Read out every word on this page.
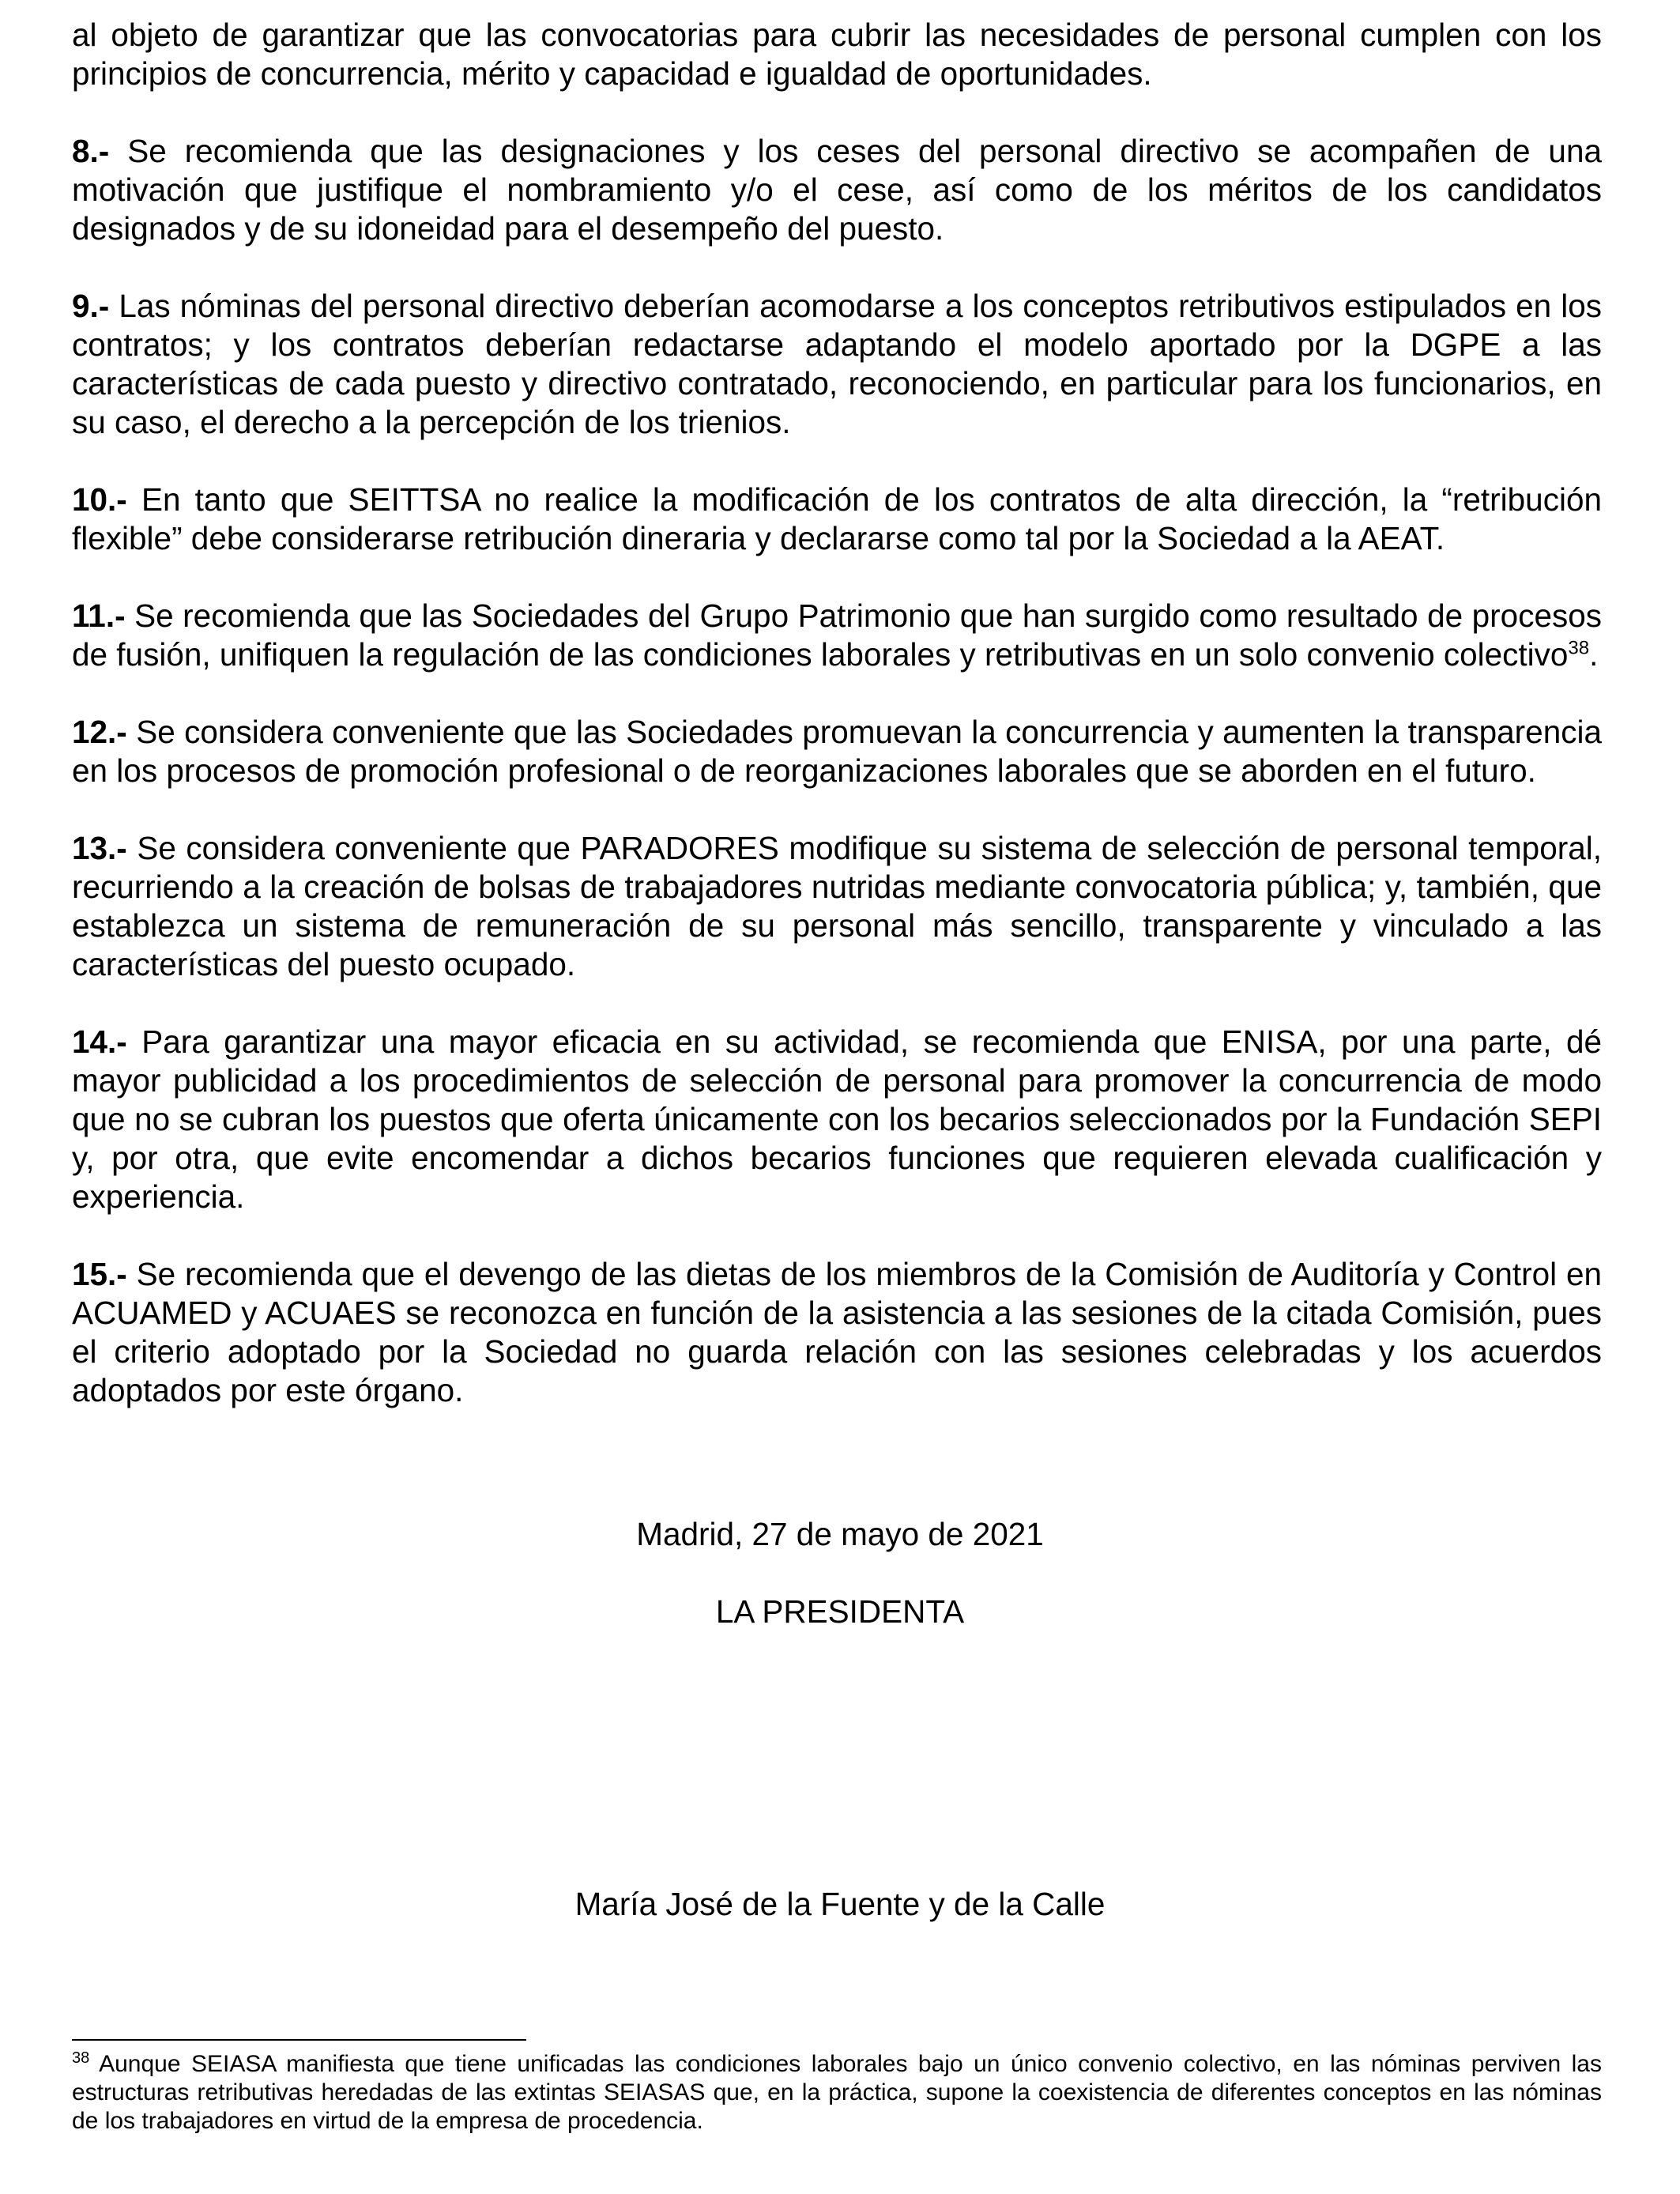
al objeto de garantizar que las convocatorias para cubrir las necesidades de personal cumplen con los principios de concurrencia, mérito y capacidad e igualdad de oportunidades.

8.- Se recomienda que las designaciones y los ceses del personal directivo se acompañen de una motivación que justifique el nombramiento y/o el cese, así como de los méritos de los candidatos designados y de su idoneidad para el desempeño del puesto.

9.- Las nóminas del personal directivo deberían acomodarse a los conceptos retributivos estipulados en los contratos; y los contratos deberían redactarse adaptando el modelo aportado por la DGPE a las características de cada puesto y directivo contratado, reconociendo, en particular para los funcionarios, en su caso, el derecho a la percepción de los trienios.

10.- En tanto que SEITTSA no realice la modificación de los contratos de alta dirección, la “retribución flexible” debe considerarse retribución dineraria y declararse como tal por la Sociedad a la AEAT.

11.- Se recomienda que las Sociedades del Grupo Patrimonio que han surgido como resultado de procesos de fusión, unifiquen la regulación de las condiciones laborales y retributivas en un solo convenio colectivo$^{38}$.

12.- Se considera conveniente que las Sociedades promuevan la concurrencia y aumenten la transparencia en los procesos de promoción profesional o de reorganizaciones laborales que se aborden en el futuro.

13.- Se considera conveniente que PARADORES modifique su sistema de selección de personal temporal, recurriendo a la creación de bolsas de trabajadores nutridas mediante convocatoria pública; y, también, que establezca un sistema de remuneración de su personal más sencillo, transparente y vinculado a las características del puesto ocupado.

14.- Para garantizar una mayor eficacia en su actividad, se recomienda que ENISA, por una parte, dé mayor publicidad a los procedimientos de selección de personal para promover la concurrencia de modo que no se cubran los puestos que oferta únicamente con los becarios seleccionados por la Fundación SEPI y, por otra, que evite encomendar a dichos becarios funciones que requieren elevada cualificación y experiencia.

15.- Se recomienda que el devengo de las dietas de los miembros de la Comisión de Auditoría y Control en ACUAMED y ACUAES se reconozca en función de la asistencia a las sesiones de la citada Comisión, pues el criterio adoptado por la Sociedad no guarda relación con las sesiones celebradas y los acuerdos adoptados por este órgano.

Madrid, 27 de mayo de 2021
LA PRESIDENTA
María José de la Fuente y de la Calle
$^{38}$ Aunque SEIASA manifiesta que tiene unificadas las condiciones laborales bajo un único convenio colectivo, en las nóminas perviven las estructuras retributivas heredadas de las extintas SEIASAS que, en la práctica, supone la coexistencia de diferentes conceptos en las nóminas de los trabajadores en virtud de la empresa de procedencia.
